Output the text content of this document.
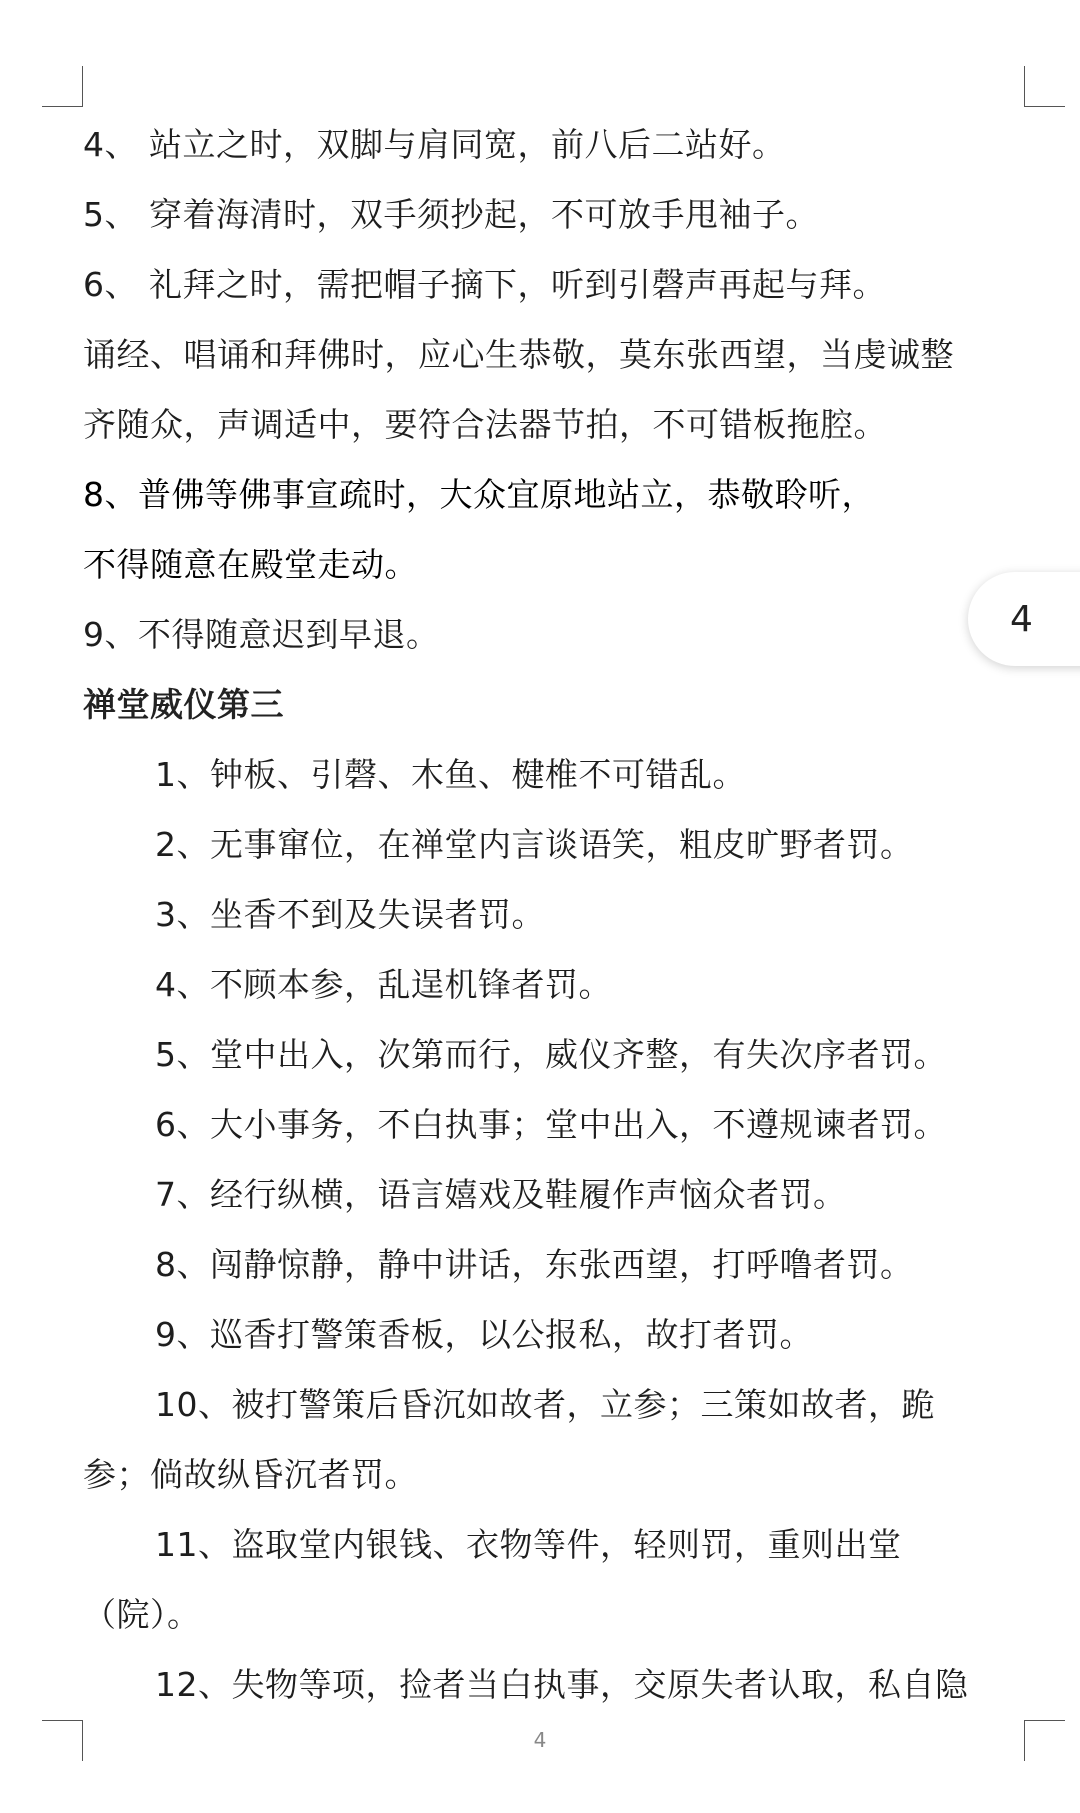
4、 站立之时，双脚与肩同宽，前八后二站好。
5、 穿着海清时，双手须抄起，不可放手甩袖子。
6、 礼拜之时，需把帽子摘下，听到引磬声再起与拜。
诵经、唱诵和拜佛时，应心生恭敬，莫东张西望，当虔诚整
齐随众，声调适中，要符合法器节拍，不可错板拖腔。
8、普佛等佛事宣疏时，大众宜原地站立，恭敬聆听，
不得随意在殿堂走动。
9、不得随意迟到早退。
禅堂威仪第三
1、钟板、引磬、木鱼、楗椎不可错乱。
2、无事窜位，在禅堂内言谈语笑，粗皮旷野者罚。
3、坐香不到及失误者罚。
4、不顾本参，乱逞机锋者罚。
5、堂中出入，次第而行，威仪齐整，有失次序者罚。
6、大小事务，不白执事；堂中出入，不遵规谏者罚。
7、经行纵横，语言嬉戏及鞋履作声恼众者罚。
8、闯静惊静，静中讲话，东张西望，打呼噜者罚。
9、巡香打警策香板，以公报私，故打者罚。
10、被打警策后昏沉如故者，立参；三策如故者，跪
参；倘故纵昏沉者罚。
11、盗取堂内银钱、衣物等件，轻则罚，重则出堂
（院）。
12、失物等项，捡者当白执事，交原失者认取，私自隐
4
4
